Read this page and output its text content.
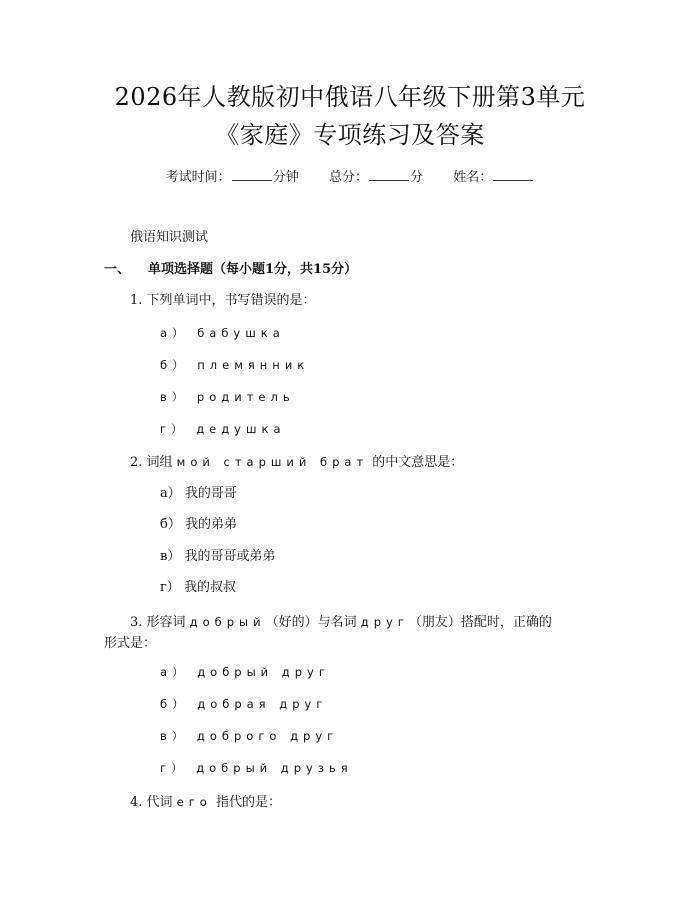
2026年人教版初中俄语八年级下册第3单元
《家庭》专项练习及答案
考试时间：	分钟 总分：	分 姓名：
俄语知识测试
一、 单项选择题（每小题1分，共15分）
1. 下列单词中，书写错误的是：
а） бабушка
б） племянник
в） родитель
г） дедушка
2. 词组 мой старший брат 的中文意思是：
а） 我的哥哥
б） 我的弟弟
в） 我的哥哥或弟弟
г） 我的叔叔
3. 形容词 добрый（好的）与名词 друг（朋友）搭配时，正确的
形式是：
а） добрый друг
б） добрая друг
в） доброго друг
г） добрый друзья
4. 代词 его 指代的是：
